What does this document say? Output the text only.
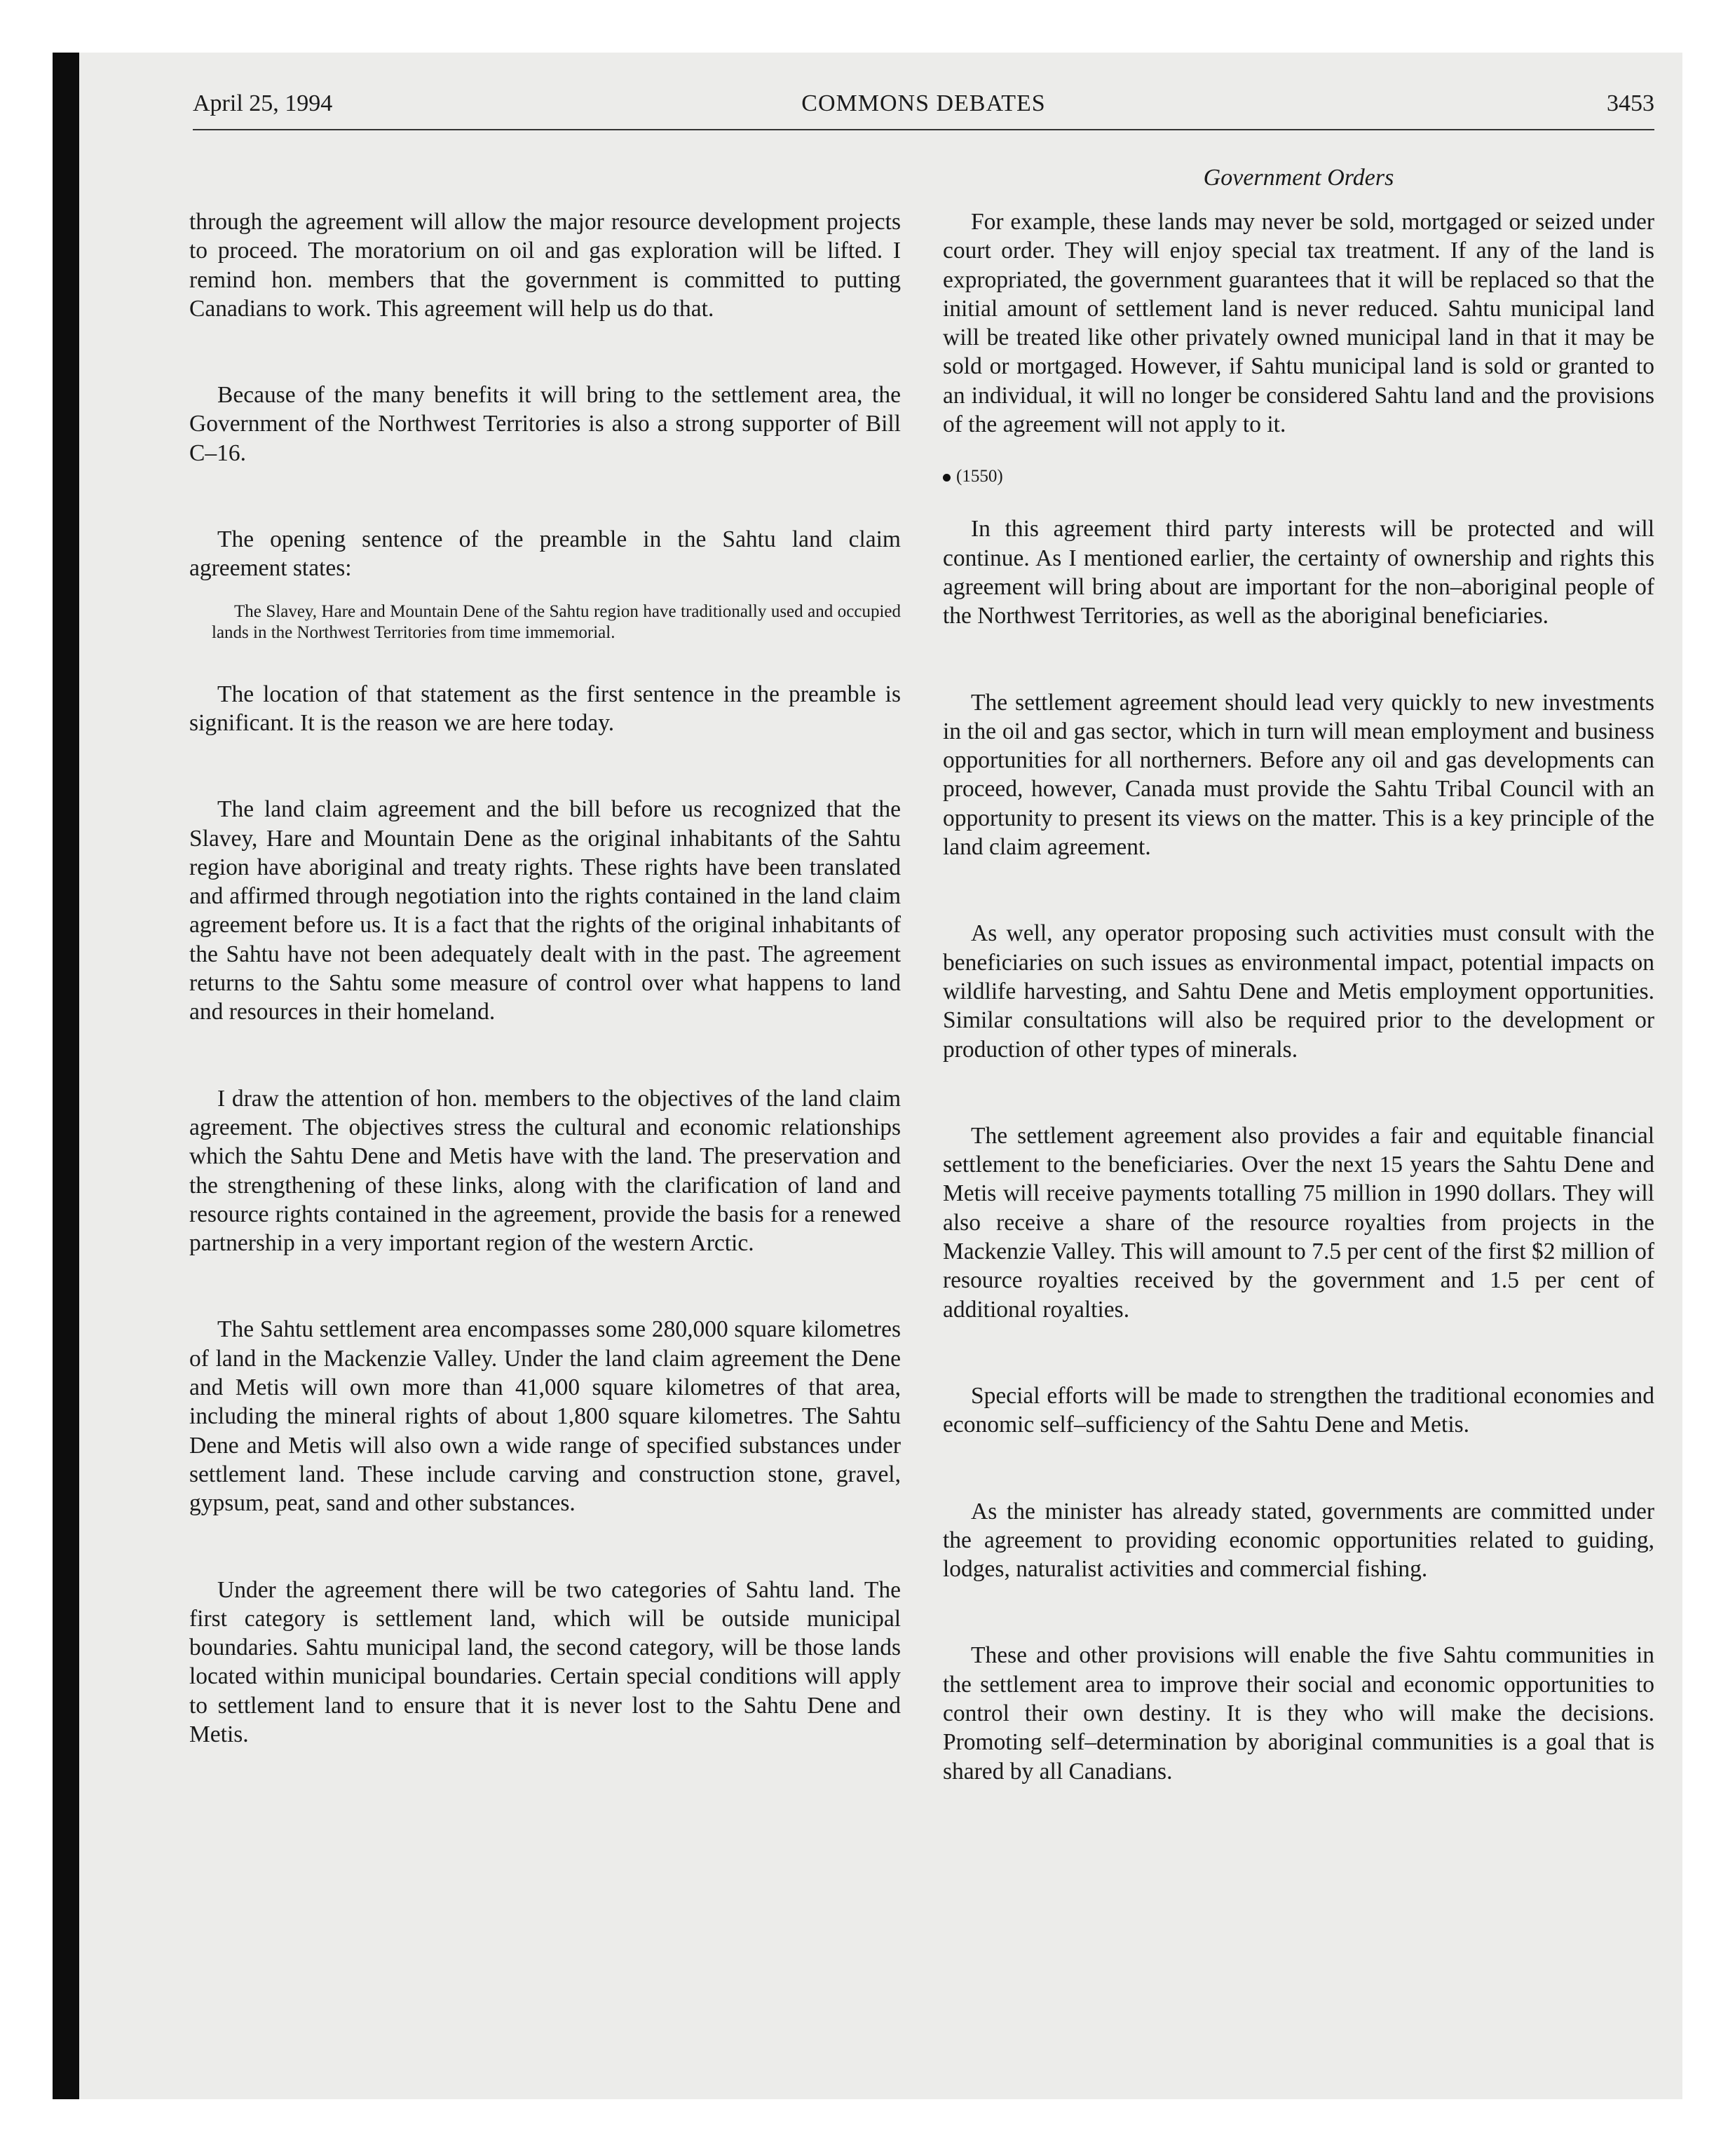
April 25, 1994	COMMONS DEBATES	3453
Government Orders

through the agreement will allow the major resource development projects to proceed. The moratorium on oil and gas exploration will be lifted. I remind hon. members that the government is committed to putting Canadians to work. This agreement will help us do that.

Because of the many benefits it will bring to the settlement area, the Government of the Northwest Territories is also a strong supporter of Bill C–16.

The opening sentence of the preamble in the Sahtu land claim agreement states:

The Slavey, Hare and Mountain Dene of the Sahtu region have traditionally used and occupied lands in the Northwest Territories from time immemorial.

The location of that statement as the first sentence in the preamble is significant. It is the reason we are here today.

The land claim agreement and the bill before us recognized that the Slavey, Hare and Mountain Dene as the original inhabitants of the Sahtu region have aboriginal and treaty rights. These rights have been translated and affirmed through negotiation into the rights contained in the land claim agreement before us. It is a fact that the rights of the original inhabitants of the Sahtu have not been adequately dealt with in the past. The agreement returns to the Sahtu some measure of control over what happens to land and resources in their homeland.

I draw the attention of hon. members to the objectives of the land claim agreement. The objectives stress the cultural and economic relationships which the Sahtu Dene and Metis have with the land. The preservation and the strengthening of these links, along with the clarification of land and resource rights contained in the agreement, provide the basis for a renewed partnership in a very important region of the western Arctic.

The Sahtu settlement area encompasses some 280,000 square kilometres of land in the Mackenzie Valley. Under the land claim agreement the Dene and Metis will own more than 41,000 square kilometres of that area, including the mineral rights of about 1,800 square kilometres. The Sahtu Dene and Metis will also own a wide range of specified substances under settlement land. These include carving and construction stone, gravel, gypsum, peat, sand and other substances.

Under the agreement there will be two categories of Sahtu land. The first category is settlement land, which will be outside municipal boundaries. Sahtu municipal land, the second category, will be those lands located within municipal boundaries. Certain special conditions will apply to settlement land to ensure that it is never lost to the Sahtu Dene and Metis.

For example, these lands may never be sold, mortgaged or seized under court order. They will enjoy special tax treatment. If any of the land is expropriated, the government guarantees that it will be replaced so that the initial amount of settlement land is never reduced. Sahtu municipal land will be treated like other privately owned municipal land in that it may be sold or mortgaged. However, if Sahtu municipal land is sold or granted to an individual, it will no longer be considered Sahtu land and the provisions of the agreement will not apply to it.

(1550)

In this agreement third party interests will be protected and will continue. As I mentioned earlier, the certainty of ownership and rights this agreement will bring about are important for the non–aboriginal people of the Northwest Territories, as well as the aboriginal beneficiaries.

The settlement agreement should lead very quickly to new investments in the oil and gas sector, which in turn will mean employment and business opportunities for all northerners. Before any oil and gas developments can proceed, however, Canada must provide the Sahtu Tribal Council with an opportunity to present its views on the matter. This is a key principle of the land claim agreement.

As well, any operator proposing such activities must consult with the beneficiaries on such issues as environmental impact, potential impacts on wildlife harvesting, and Sahtu Dene and Metis employment opportunities. Similar consultations will also be required prior to the development or production of other types of minerals.

The settlement agreement also provides a fair and equitable financial settlement to the beneficiaries. Over the next 15 years the Sahtu Dene and Metis will receive payments totalling 75 million in 1990 dollars. They will also receive a share of the resource royalties from projects in the Mackenzie Valley. This will amount to 7.5 per cent of the first $2 million of resource royalties received by the government and 1.5 per cent of additional royalties.

Special efforts will be made to strengthen the traditional economies and economic self–sufficiency of the Sahtu Dene and Metis.

As the minister has already stated, governments are committed under the agreement to providing economic opportunities related to guiding, lodges, naturalist activities and commercial fishing.

These and other provisions will enable the five Sahtu communities in the settlement area to improve their social and economic opportunities to control their own destiny. It is they who will make the decisions. Promoting self–determination by aboriginal communities is a goal that is shared by all Canadians.
